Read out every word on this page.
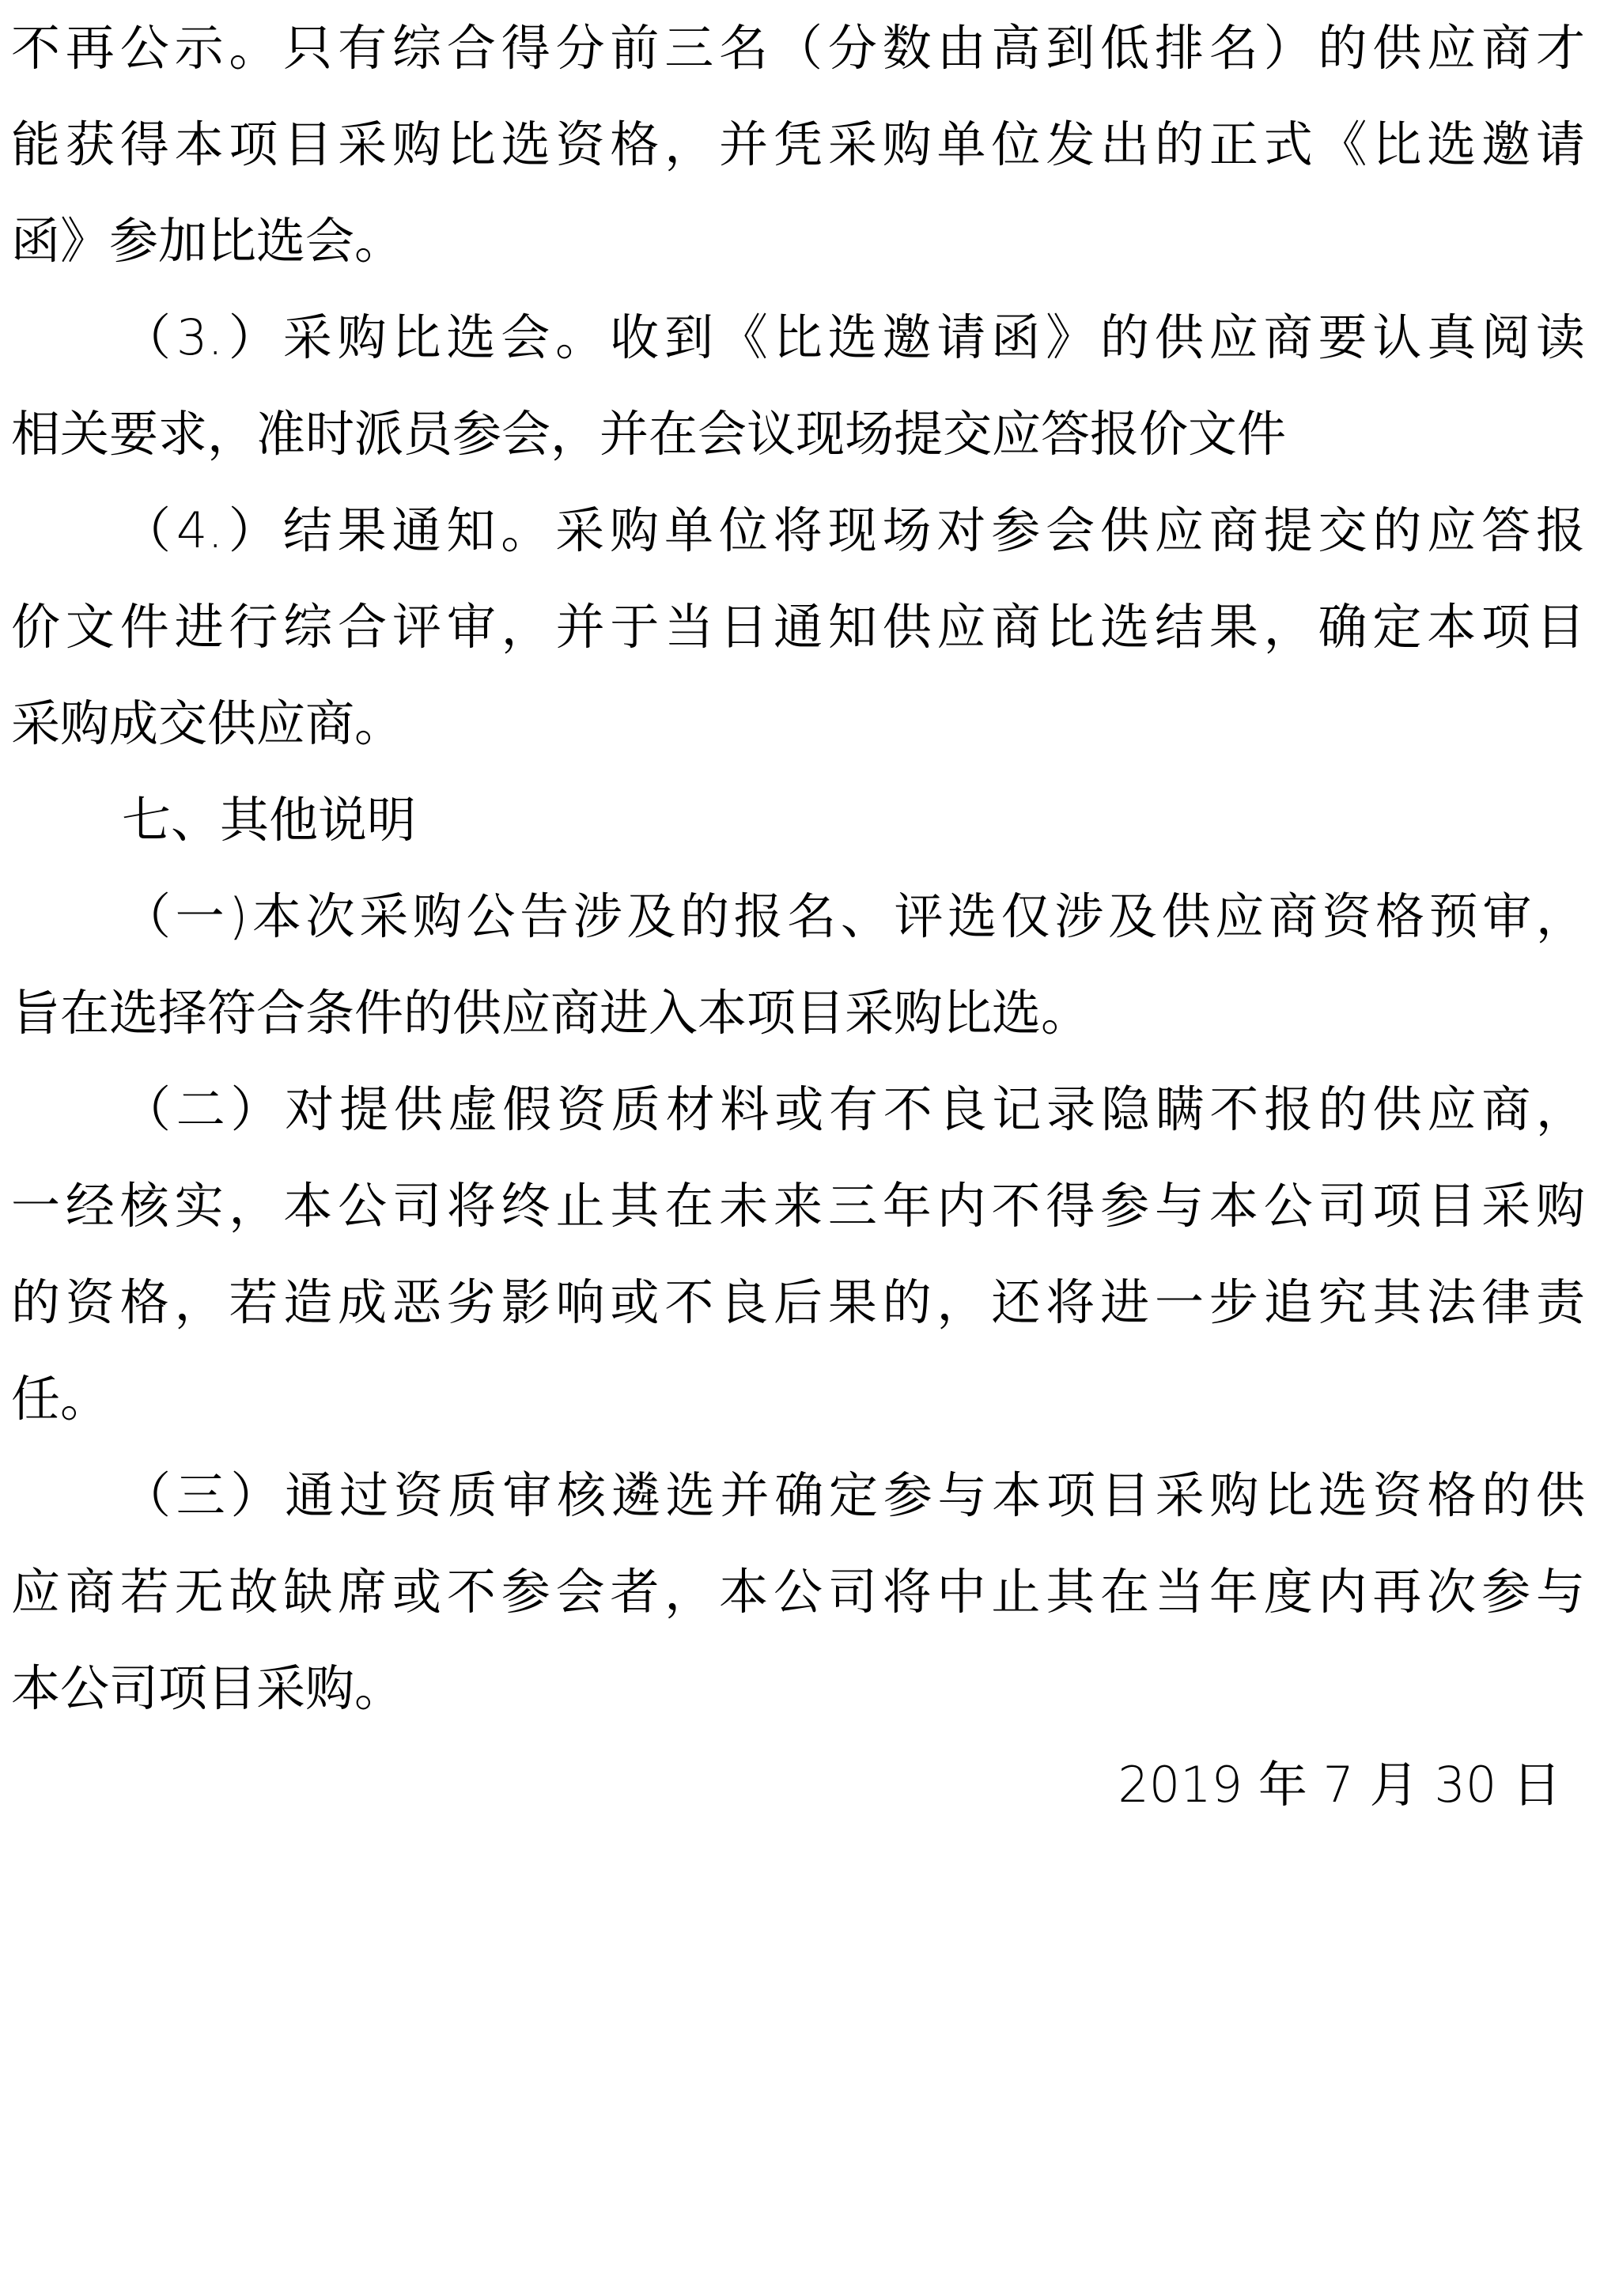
不再公示。只有综合得分前三名（分数由高到低排名）的供应商才
能获得本项目采购比选资格，并凭采购单位发出的正式《比选邀请
函》参加比选会。
（3.）采购比选会。收到《比选邀请函》的供应商要认真阅读
相关要求，准时派员参会，并在会议现场提交应答报价文件
（4.）结果通知。采购单位将现场对参会供应商提交的应答报
价文件进行综合评审，并于当日通知供应商比选结果，确定本项目
采购成交供应商。
七、其他说明
（一)本次采购公告涉及的报名、评选仅涉及供应商资格预审，
旨在选择符合条件的供应商进入本项目采购比选。
（二）对提供虚假资质材料或有不良记录隐瞒不报的供应商，
一经核实，本公司将终止其在未来三年内不得参与本公司项目采购
的资格，若造成恶劣影响或不良后果的，还将进一步追究其法律责
任。
（三）通过资质审核遴选并确定参与本项目采购比选资格的供
应商若无故缺席或不参会者，本公司将中止其在当年度内再次参与
本公司项目采购。
2019 年 7 月 30 日
